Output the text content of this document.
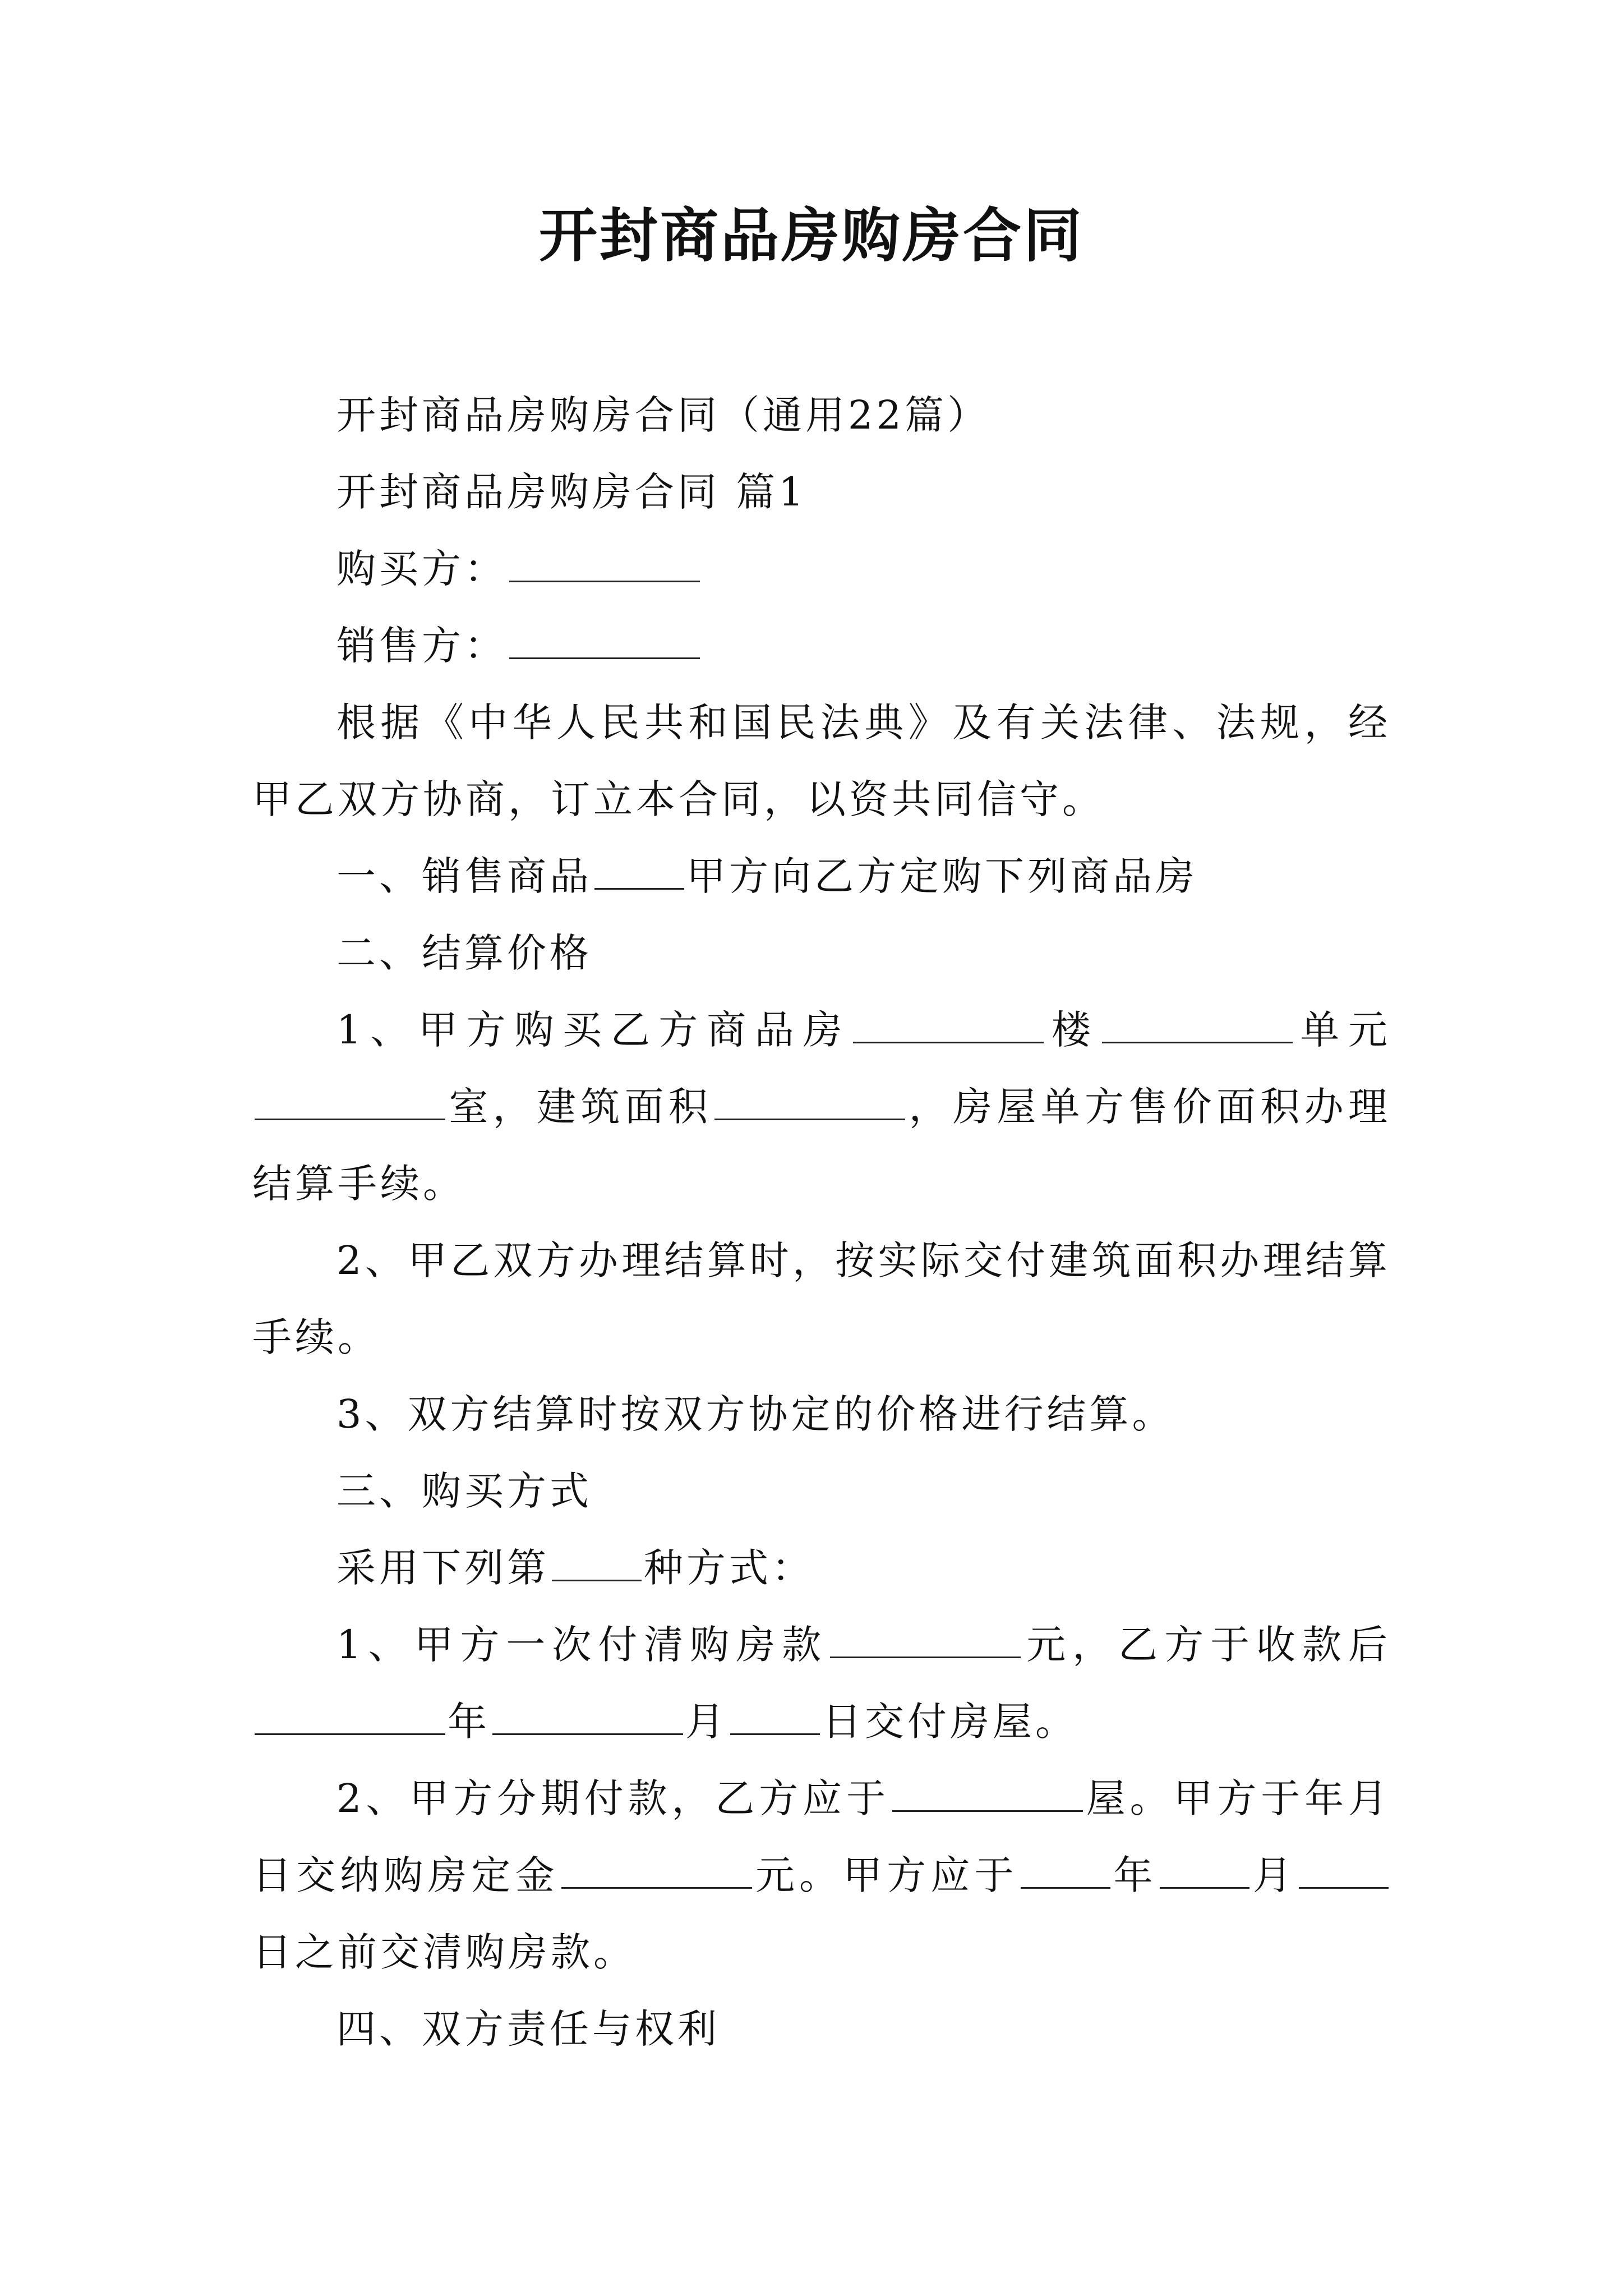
开封商品房购房合同

开封商品房购房合同（通用22篇）

开封商品房购房合同 篇1

购买方：

销售方：

根据《中华人民共和国民法典》及有关法律、法规，经甲乙双方协商，订立本合同，以资共同信守。

一、销售商品 甲方向乙方定购下列商品房

二、结算价格

1、甲方购买乙方商品房	楼	单元室，建筑面积	，房屋单方售价面积办理结算手续。

2、甲乙双方办理结算时，按实际交付建筑面积办理结算手续。

3、双方结算时按双方协定的价格进行结算。

三、购买方式

采用下列第 种方式：

1、甲方一次付清购房款	元，乙方于收款后年	月 日交付房屋。

2、甲方分期付款，乙方应于	屋。甲方于年月日交纳购房定金	元。甲方应于 年 月日之前交清购房款。

四、双方责任与权利
